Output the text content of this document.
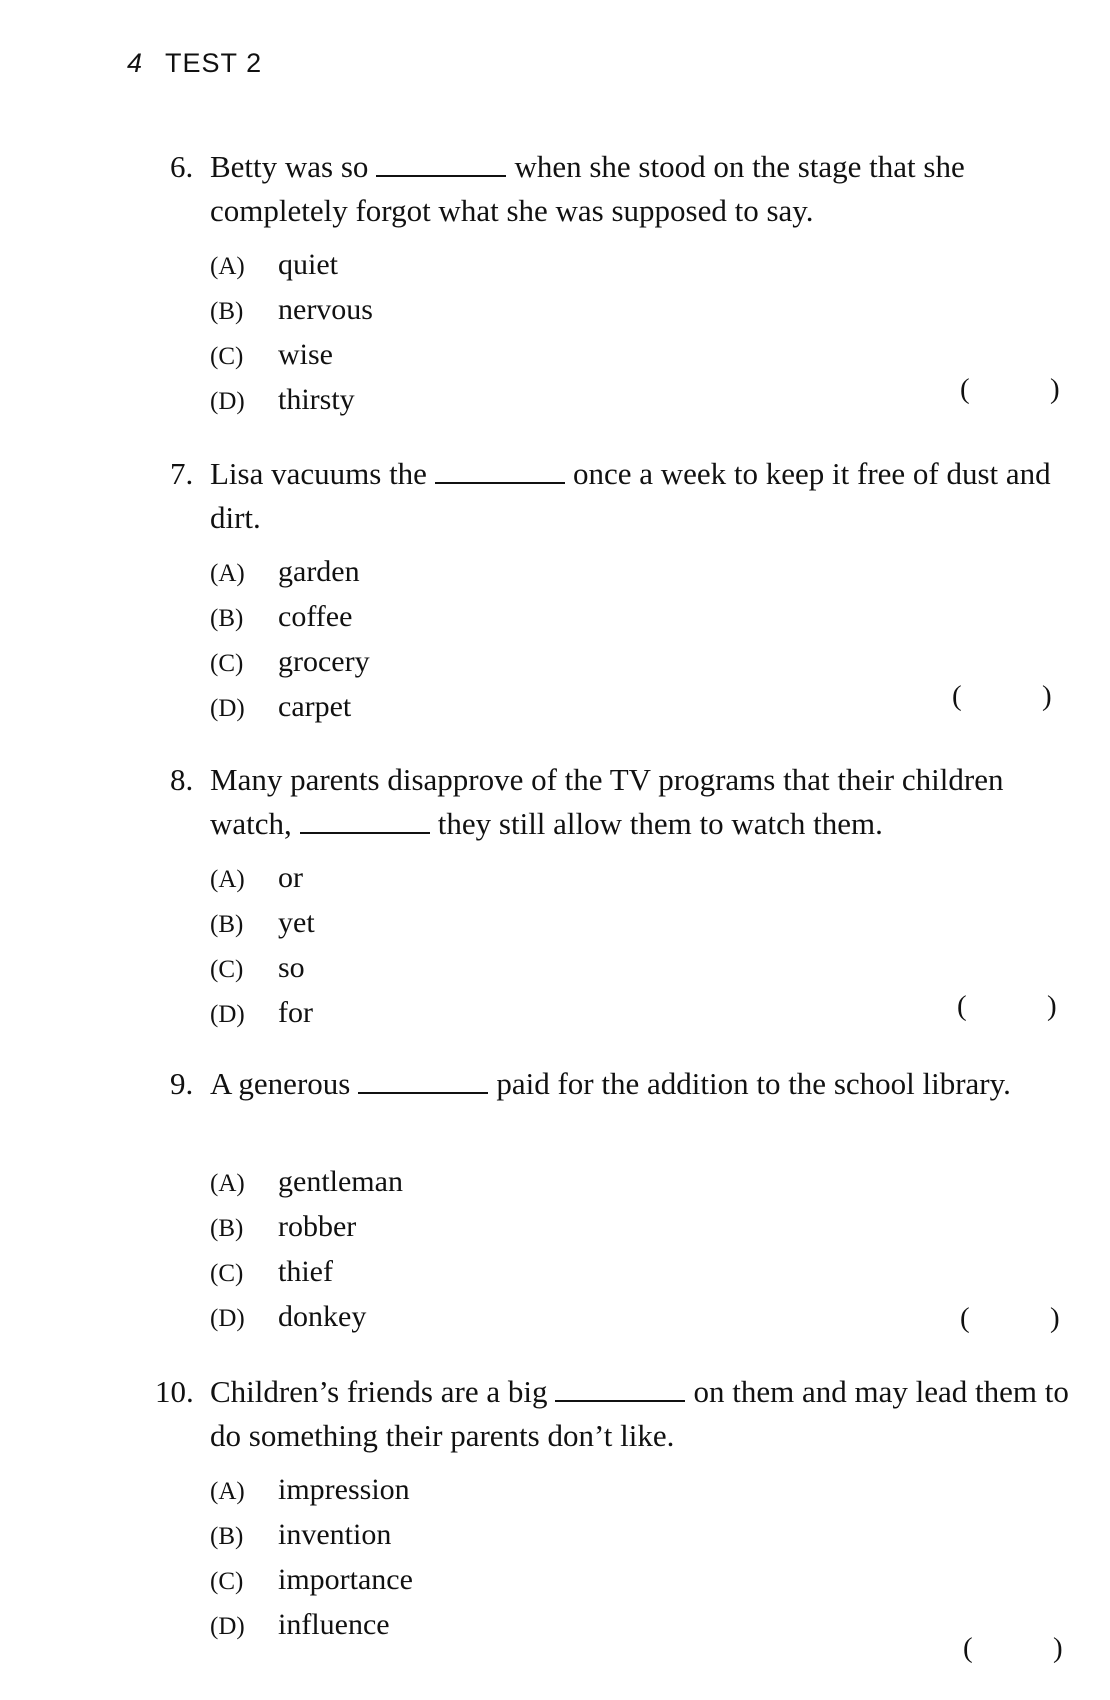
4 TEST 2
6. Betty was so	when she stood on the stage that she completely forgot what she was supposed to say.
(A) quiet
(B) nervous
(C) wise
(D) thirsty	(	)
7. Lisa vacuums the	once a week to keep it free of dust and dirt.
(A) garden
(B) coffee
(C) grocery
(D) carpet	(	)
8. Many parents disapprove of the TV programs that their children watch,	they still allow them to watch them.
(A) or
(B) yet
(C) so
(D) for	(	)
9. A generous	paid for the addition to the school library.
(A) gentleman
(B) robber
(C) thief
(D) donkey	(	)
10. Children’s friends are a big	on them and may lead them to do something their parents don’t like.
(A) impression
(B) invention
(C) importance
(D) influence
(	)
